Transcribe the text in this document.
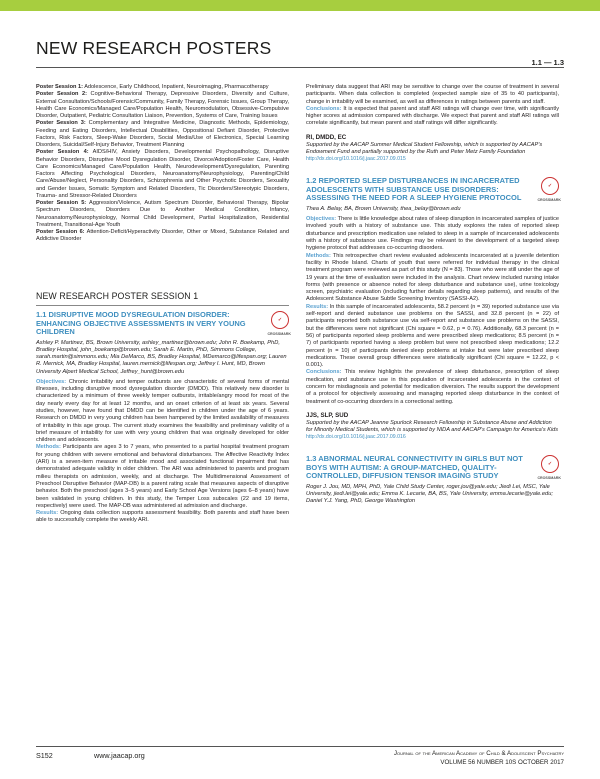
NEW RESEARCH POSTERS
1.1 — 1.3

Poster Session 1: Adolescence, Early Childhood, Inpatient, Neuroimaging, Pharmacotherapy

Poster Session 2: Cognitive-Behavioral Therapy, Depressive Disorders, Diversity and Culture, External Consultation/Schools/Forensic/Community, Family Therapy, Forensic Issues, Group Therapy, Health Care Economics/Managed Care/Population Health, Neuromodulation, Obsessive-Compulsive Disorder, Outpatient, Pediatric Consultation Liaison, Prevention, Systems of Care, Training Issues

Poster Session 3: Complementary and Integrative Medicine, Diagnostic Methods, Epidemiology, Feeding and Eating Disorders, Intellectual Disabilities, Oppositional Defiant Disorder, Protective Factors, Risk Factors, Sleep-Wake Disorders, Social Media/Use of Electronics, Special Learning Disorders, Suicidal/Self-Injury Behavior, Treatment Planning

Poster Session 4: AIDS/HIV, Anxiety Disorders, Developmental Psychopathology, Disruptive Behavior Disorders, Disruptive Mood Dysregulation Disorder, Divorce/Adoption/Foster Care, Health Care Economics/Managed Care/Population Health, Neurodevelopment/Dysregulation, Parenting Factors Affecting Psychological Disorders, Neuroanatomy/Neurophysiology, Parenting/Child Care/Abuse/Neglect, Personality Disorders, Schizophrenia and Other Psychotic Disorders, Sexuality and Gender Issues, Somatic Symptom and Related Disorders, Tic Disorders/Stereotypic Disorders, Trauma- and Stressor-Related Disorders

Poster Session 5: Aggression/Violence, Autism Spectrum Disorder, Behavioral Therapy, Bipolar Spectrum Disorders, Disorders Due to Another Medical Condition, Infancy, Neuroanatomy/Neurophysiology, Normal Child Development, Partial Hospitalization, Residential Treatment, Transitional-Age Youth

Poster Session 6: Attention-Deficit/Hyperactivity Disorder, Other or Mixed, Substance Related and Addictive Disorder

NEW RESEARCH POSTER SESSION 1
1.1 DISRUPTIVE MOOD DYSREGULATION DISORDER: ENHANCING OBJECTIVE ASSESSMENTS IN VERY YOUNG CHILDREN
✓
CROSSMARK
Ashley P. Martinez, BS, Brown University, ashley_martinez@brown.edu; John R. Boekamp, PhD, Bradley Hospital, john_boekamp@brown.edu; Sarah E. Martin, PhD, Simmons College, sarah.martin@simmons.edu; Mia DeMarco, BS, Bradley Hospital, MDemarco@lifespan.org; Lauren R. Mernick, MA, Bradley Hospital, lauren.mernick@lifespan.org; Jeffrey I. Hunt, MD, Brown University Alpert Medical School, Jeffrey_hunt@brown.edu
Objectives: Chronic irritability and temper outbursts are characteristic of several forms of mental illnesses, including disruptive mood dysregulation disorder (DMDD). This relatively new disorder is characterized by a minimum of three weekly temper outbursts, irritable/angry mood for most of the day nearly every day for at least 12 months, and an onset criterion of at least six years. Several studies, however, have found that DMDD can be identified in children under the age of 6 years. Research on DMDD in very young children has been hampered by the limited availability of measures of irritability in this age group. The current study examines the feasibility and preliminary validity of a brief measure of irritability for use with very young children that was originally developed for older children and adolescents.
Methods: Participants are ages 3 to 7 years, who presented to a partial hospital treatment program for young children with severe emotional and behavioral disturbances. The Affective Reactivity Index (ARI) is a seven-item measure of irritable mood and associated functional impairment that has demonstrated adequate validity in older children. The ARI was administered to parents and program milieu therapists on admission, weekly, and at discharge. The Multidimensional Assessment of Preschool Disruptive Behavior (MAP-DB) is a parent rating scale that measures aspects of disruptive behavior. Both the preschool (ages 3–5 years) and Early School Age Versions (ages 6–8 years) have been validated in young children. In this study, the Temper Loss subscales (22 and 19 items, respectively) were used. The MAP-DB was administered at admission and discharge.
Results: Ongoing data collection supports assessment feasibility. Both parents and staff have been able to successfully complete the weekly ARI.
Preliminary data suggest that ARI may be sensitive to change over the course of treatment in several participants. When data collection is completed (expected sample size of 35 to 40 participants), change in irritability will be examined, as well as differences in ratings between parents and staff.
Conclusions: It is expected that parent and staff ARI ratings will change over time, with significantly higher scores at admission compared with discharge. We expect that parent and staff ARI ratings will correlate significantly, but mean parent and staff ratings will differ significantly.
RI, DMDD, EC
Supported by the AACAP Summer Medical Student Fellowship, which is supported by AACAP's Endowment Fund and partially supported by the Ruth and Peter Metz Family Foundation
http://dx.doi.org/10.1016/j.jaac.2017.09.015
1.2 REPORTED SLEEP DISTURBANCES IN INCARCERATED ADOLESCENTS WITH SUBSTANCE USE DISORDERS: ASSESSING THE NEED FOR A SLEEP HYGIENE PROTOCOL
✓
CROSSMARK
Thea A. Belay, BA, Brown University, thea_belay@brown.edu
Objectives: There is little knowledge about rates of sleep disruption in incarcerated samples of justice involved youth with a history of substance use. This study explores the rates of reported sleep disturbance and prescription medication use related to sleep in a sample of incarcerated adolescents with a history of substance use. Findings may be relevant to the development of a targeted sleep hygiene protocol that addresses co-occurring disorders.
Methods: This retrospective chart review evaluated adolescents incarcerated at a juvenile detention facility in Rhode Island. Charts of youth that were referred for individual therapy in the clinical treatment program were reviewed as part of this study (N = 83). Those who were still under the age of 19 years at the time of evaluation were included in the analysis. Chart review included nursing intake forms (with presence or absence noted for sleep disturbance and substance use), urine toxicology screen, psychiatric evaluation (including further details regarding sleep patterns), and results of the Adolescent Substance Abuse Subtle Screening Inventory (SASSI-A2).
Results: In this sample of incarcerated adolescents, 58.2 percent (n = 39) reported substance use via self-report and denied substance use problems on the SASSI, and 32.8 percent (n = 22) of participants reported both substance use via self-report and substance use problems on the SASSI, but the differences were not significant (Chi square = 0.62, p = 0.76). Additionally, 68.3 percent (n = 56) of participants reported sleep problems and were prescribed sleep medications; 8.5 percent (n = 7) of participants reported having a sleep problem but were not prescribed sleep medications; 12.2 percent (n = 10) of participants denied sleep problems at intake but were later prescribed sleep medications. These overall group differences were statistically significant (Chi square = 12.22, p < 0.001).
Conclusions: This review highlights the prevalence of sleep disturbance, prescription of sleep medication, and substance use in this population of incarcerated adolescents in the context of concern for misdiagnosis and potential for medication diversion. The results support the development of a protocol for objectively assessing and managing reported sleep disturbance in the context of treatment of co-occurring disorders in a correctional setting.
JJS, SLP, SUD
Supported by the AACAP Jeanne Spurlock Research Fellowship in Substance Abuse and Addiction for Minority Medical Students, which is supported by NIDA and AACAP's Campaign for America's Kids
http://dx.doi.org/10.1016/j.jaac.2017.09.016
1.3 ABNORMAL NEURAL CONNECTIVITY IN GIRLS BUT NOT BOYS WITH AUTISM: A GROUP-MATCHED, QUALITY-CONTROLLED, DIFFUSION TENSOR IMAGING STUDY
✓
CROSSMARK
Roger J. Jou, MD, MPH, PhD, Yale Child Study Center, roger.jou@yale.edu; Jiedi Lei, MSC, Yale University, jiedi.lei@yale.edu; Emma K. Lecarie, BA, BS, Yale University, emma.lecarie@yale.edu; Daniel Y.J. Yang, PhD, George Washington
S152	www.jaacap.org	Journal of the American Academy of Child & Adolescent Psychiatry
VOLUME 56 NUMBER 10S OCTOBER 2017
